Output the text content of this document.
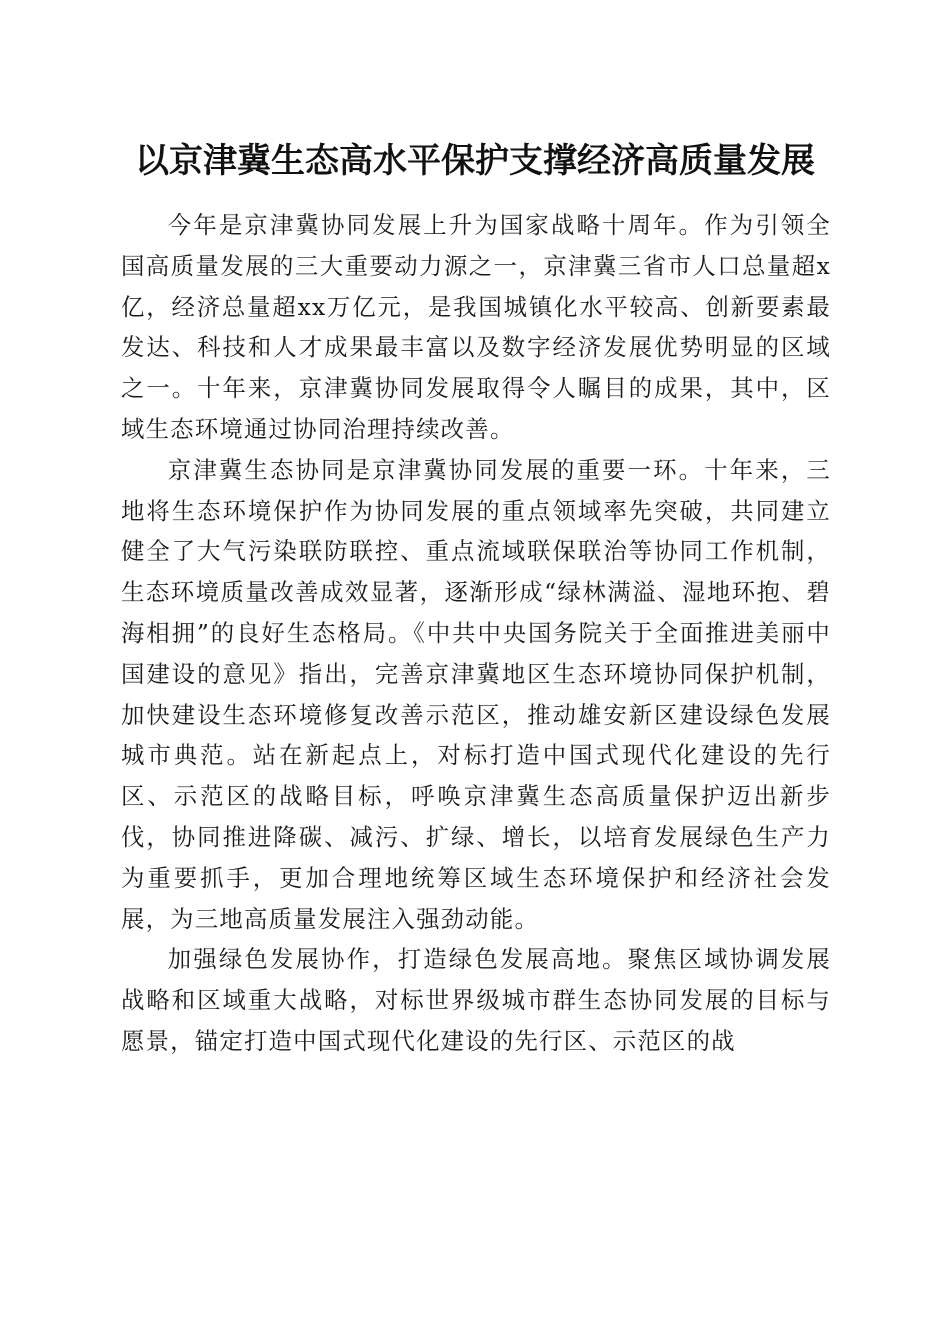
以京津冀生态高水平保护支撑经济高质量发展

今年是京津冀协同发展上升为国家战略十周年。作为引领全国高质量发展的三大重要动力源之一，京津冀三省市人口总量超x亿，经济总量超xx万亿元，是我国城镇化水平较高、创新要素最发达、科技和人才成果最丰富以及数字经济发展优势明显的区域之一。十年来，京津冀协同发展取得令人瞩目的成果，其中，区域生态环境通过协同治理持续改善。

京津冀生态协同是京津冀协同发展的重要一环。十年来，三地将生态环境保护作为协同发展的重点领域率先突破，共同建立健全了大气污染联防联控、重点流域联保联治等协同工作机制，生态环境质量改善成效显著，逐渐形成“绿林满溢、湿地环抱、碧海相拥”的良好生态格局。《中共中央国务院关于全面推进美丽中国建设的意见》指出，完善京津冀地区生态环境协同保护机制，加快建设生态环境修复改善示范区，推动雄安新区建设绿色发展城市典范。站在新起点上，对标打造中国式现代化建设的先行区、示范区的战略目标，呼唤京津冀生态高质量保护迈出新步伐，协同推进降碳、减污、扩绿、增长，以培育发展绿色生产力为重要抓手，更加合理地统筹区域生态环境保护和经济社会发展，为三地高质量发展注入强劲动能。

加强绿色发展协作，打造绿色发展高地。聚焦区域协调发展战略和区域重大战略，对标世界级城市群生态协同发展的目标与愿景，锚定打造中国式现代化建设的先行区、示范区的战
